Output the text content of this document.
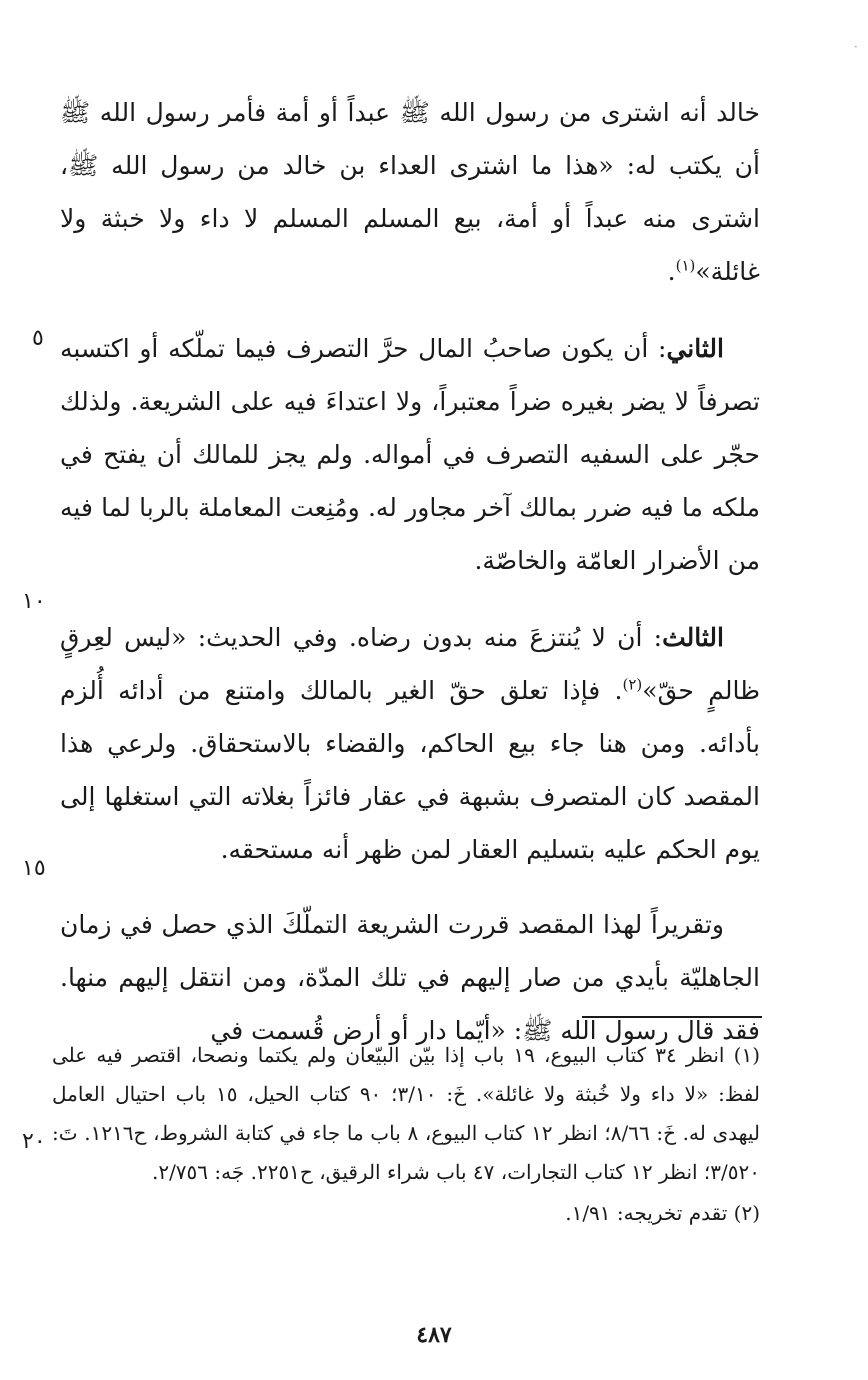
·

خالد أنه اشترى من رسول الله ﷺ عبداً أو أمة فأمر رسول الله ﷺ أن يكتب له: «هذا ما اشترى العداء بن خالد من رسول الله ﷺ، اشترى منه عبداً أو أمة، بيع المسلم المسلم لا داء ولا خبثة ولا غائلة»$^{(١)}$.

الثاني: أن يكون صاحبُ المال حرَّ التصرف فيما تملّكه أو اكتسبه تصرفاً لا يضر بغيره ضراً معتبراً، ولا اعتداءَ فيه على الشريعة. ولذلك حجّر على السفيه التصرف في أمواله. ولم يجز للمالك أن يفتح في ملكه ما فيه ضرر بمالك آخر مجاور له. ومُنِعت المعاملة بالربا لما فيه من الأضرار العامّة والخاصّة.

الثالث: أن لا يُنتزعَ منه بدون رضاه. وفي الحديث: «ليس لعِرقٍ ظالمٍ حقّ»$^{(٢)}$. فإذا تعلق حقّ الغير بالمالك وامتنع من أدائه أُلزم بأدائه. ومن هنا جاء بيع الحاكم، والقضاء بالاستحقاق. ولرعي هذا المقصد كان المتصرف بشبهة في عقار فائزاً بغلاته التي استغلها إلى يوم الحكم عليه بتسليم العقار لمن ظهر أنه مستحقه.

وتقريراً لهذا المقصد قررت الشريعة التملّكَ الذي حصل في زمان الجاهليّة بأيدي من صار إليهم في تلك المدّة، ومن انتقل إليهم منها. فقد قال رسول الله ﷺ: «أيّما دار أو أرض قُسمت في

٥
١٠
١٥
٢٠

(١) انظر ٣٤ كتاب البيوع، ١٩ باب إذا بيّن البيّعان ولم يكتما ونصحا، اقتصر فيه على لفظ: «لا داء ولا خُبثة ولا غائلة». خَ: ٣/١٠؛ ٩٠ كتاب الحيل، ١٥ باب احتيال العامل ليهدى له. خَ: ٨/٦٦؛ انظر ١٢ كتاب البيوع، ٨ باب ما جاء في كتابة الشروط، ح١٢١٦. تَ: ٣/٥٢٠؛ انظر ١٢ كتاب التجارات، ٤٧ باب شراء الرقيق، ح٢٢٥١. جَه: ٢/٧٥٦.

(٢) تقدم تخريجه: ١/٩١.

٤٨٧
